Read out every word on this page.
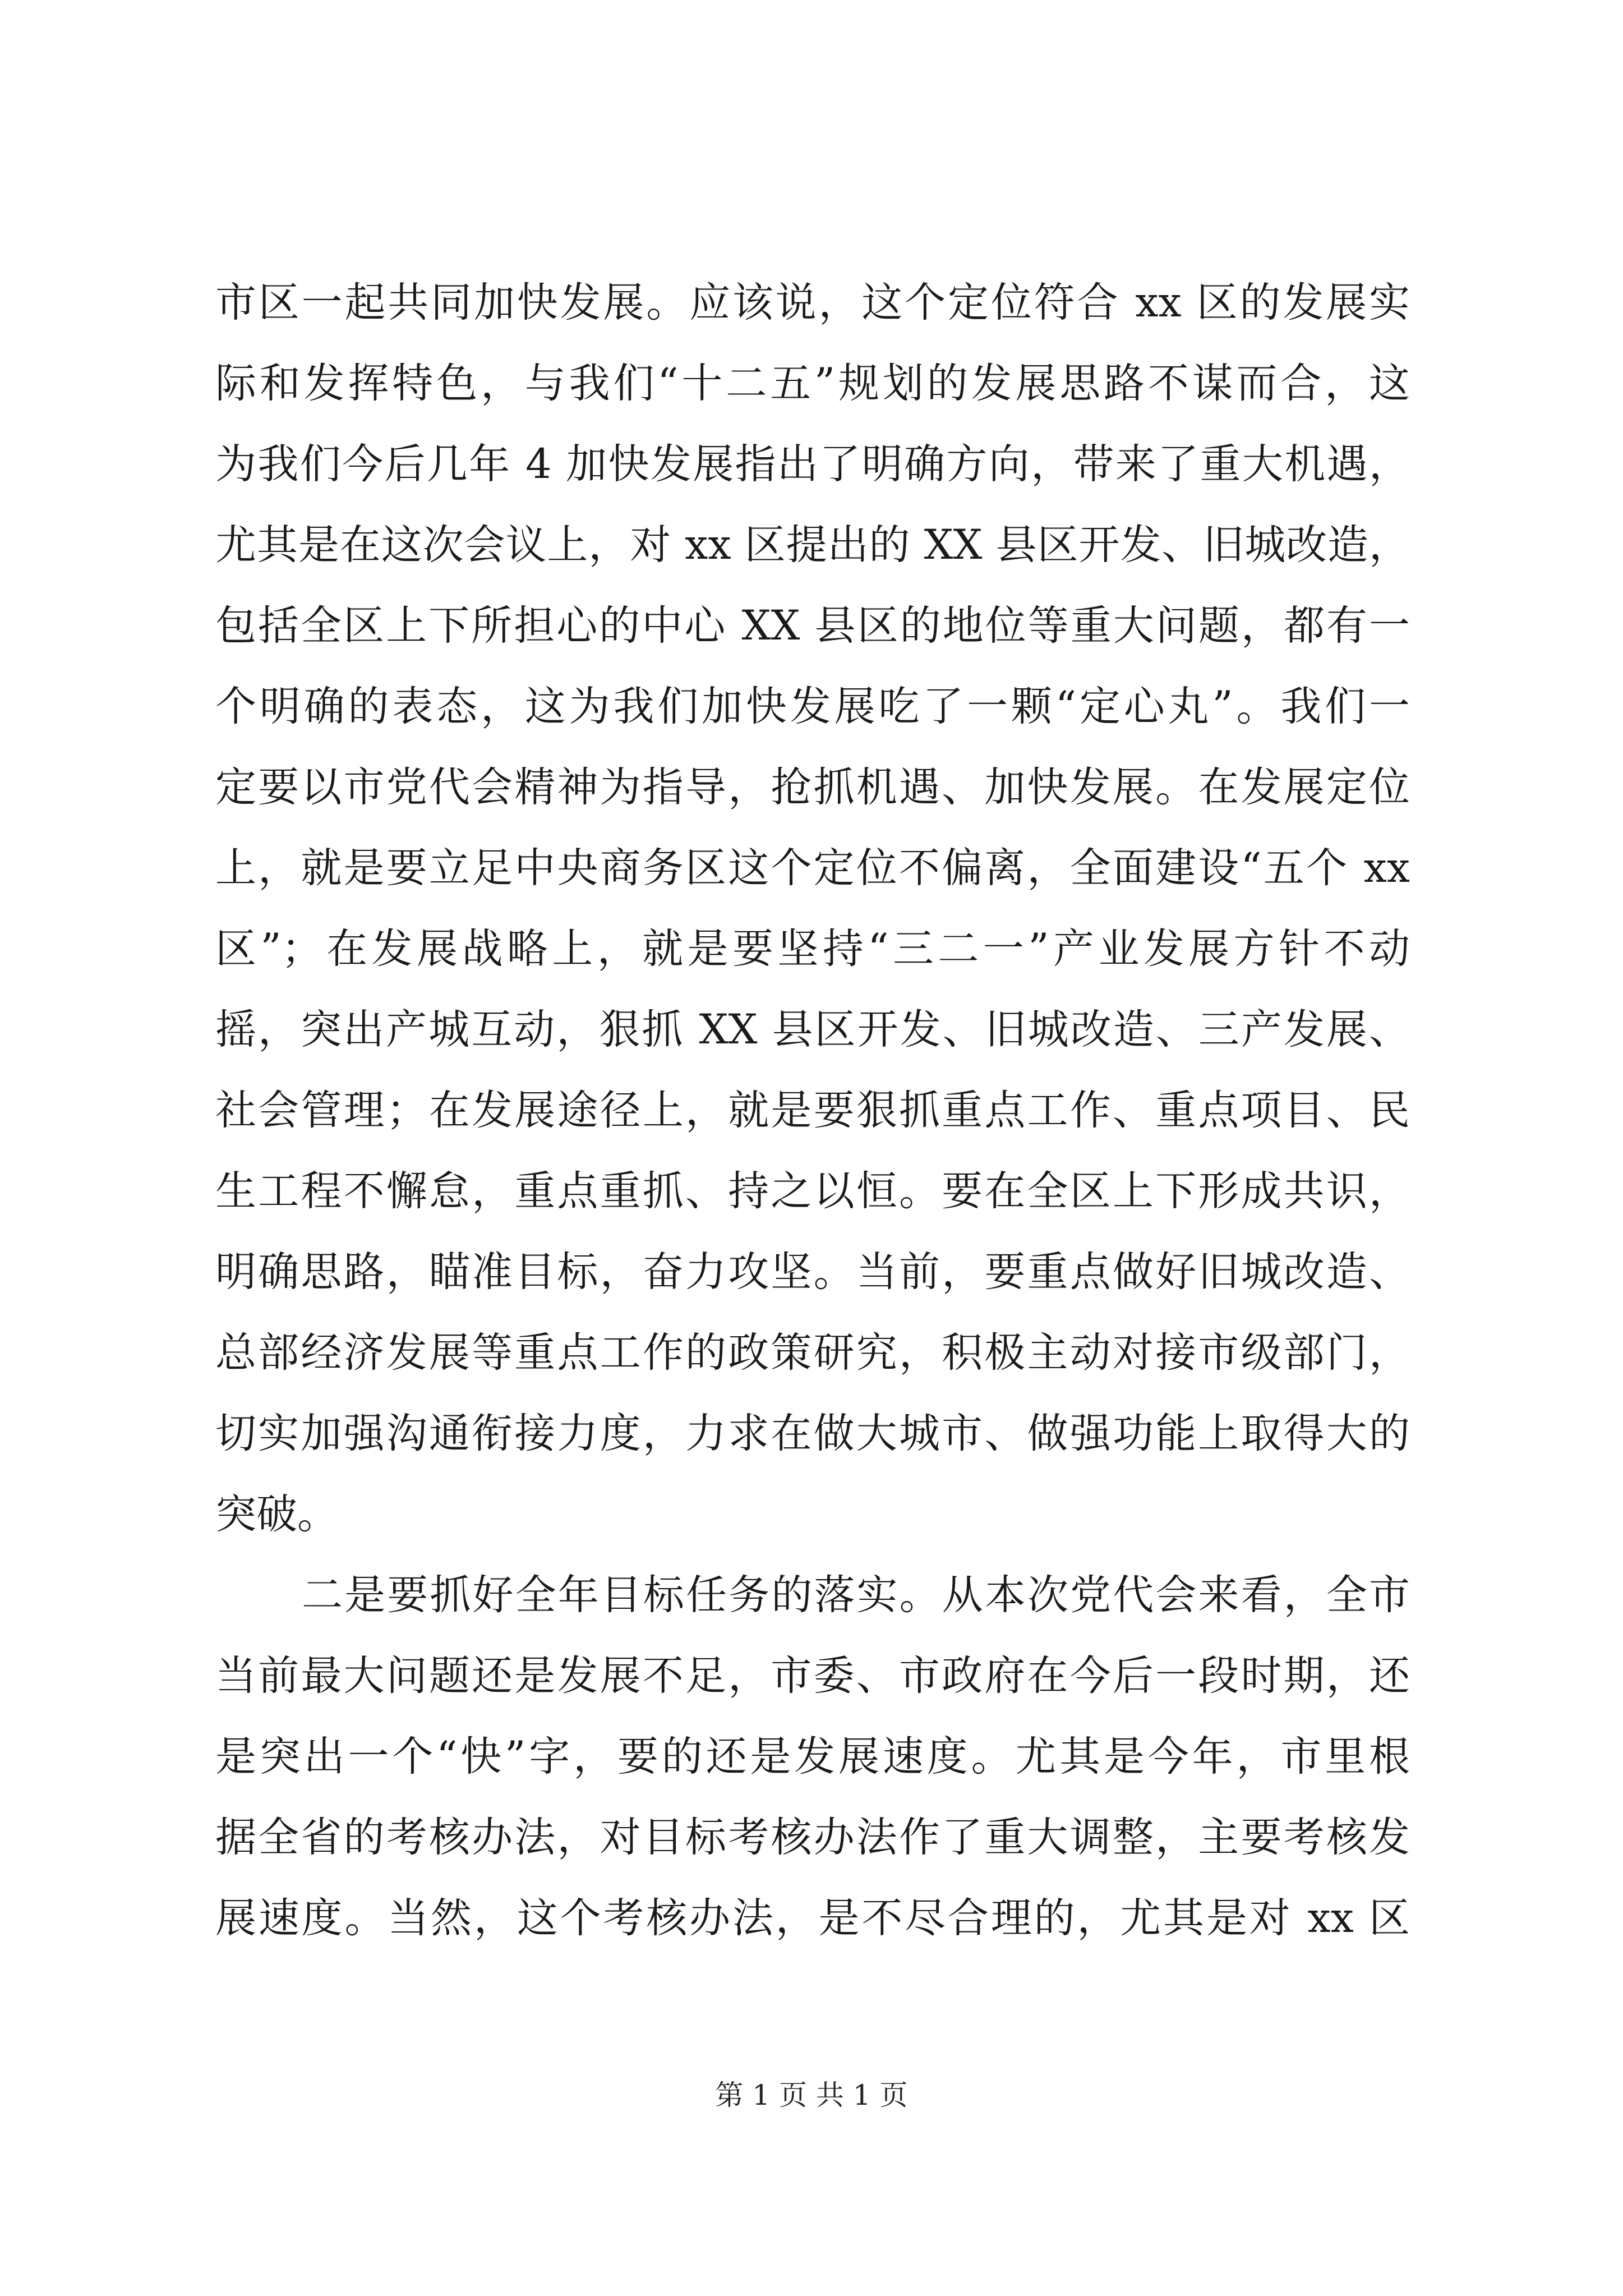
市区一起共同加快发展。应该说，这个定位符合 xx 区的发展实
际和发挥特色，与我们“十二五”规划的发展思路不谋而合，这
为我们今后几年 4 加快发展指出了明确方向，带来了重大机遇，
尤其是在这次会议上，对 xx 区提出的 XX 县区开发、旧城改造，
包括全区上下所担心的中心 XX 县区的地位等重大问题，都有一
个明确的表态，这为我们加快发展吃了一颗“定心丸”。我们一
定要以市党代会精神为指导，抢抓机遇、加快发展。在发展定位
上，就是要立足中央商务区这个定位不偏离，全面建设“五个 xx
区”；在发展战略上，就是要坚持“三二一”产业发展方针不动
摇，突出产城互动，狠抓 XX 县区开发、旧城改造、三产发展、
社会管理；在发展途径上，就是要狠抓重点工作、重点项目、民
生工程不懈怠，重点重抓、持之以恒。要在全区上下形成共识，
明确思路，瞄准目标，奋力攻坚。当前，要重点做好旧城改造、
总部经济发展等重点工作的政策研究，积极主动对接市级部门，
切实加强沟通衔接力度，力求在做大城市、做强功能上取得大的
突破。
二是要抓好全年目标任务的落实。从本次党代会来看，全市
当前最大问题还是发展不足，市委、市政府在今后一段时期，还
是突出一个“快”字，要的还是发展速度。尤其是今年，市里根
据全省的考核办法，对目标考核办法作了重大调整，主要考核发
展速度。当然，这个考核办法，是不尽合理的，尤其是对 xx 区
第 1 页 共 1 页
